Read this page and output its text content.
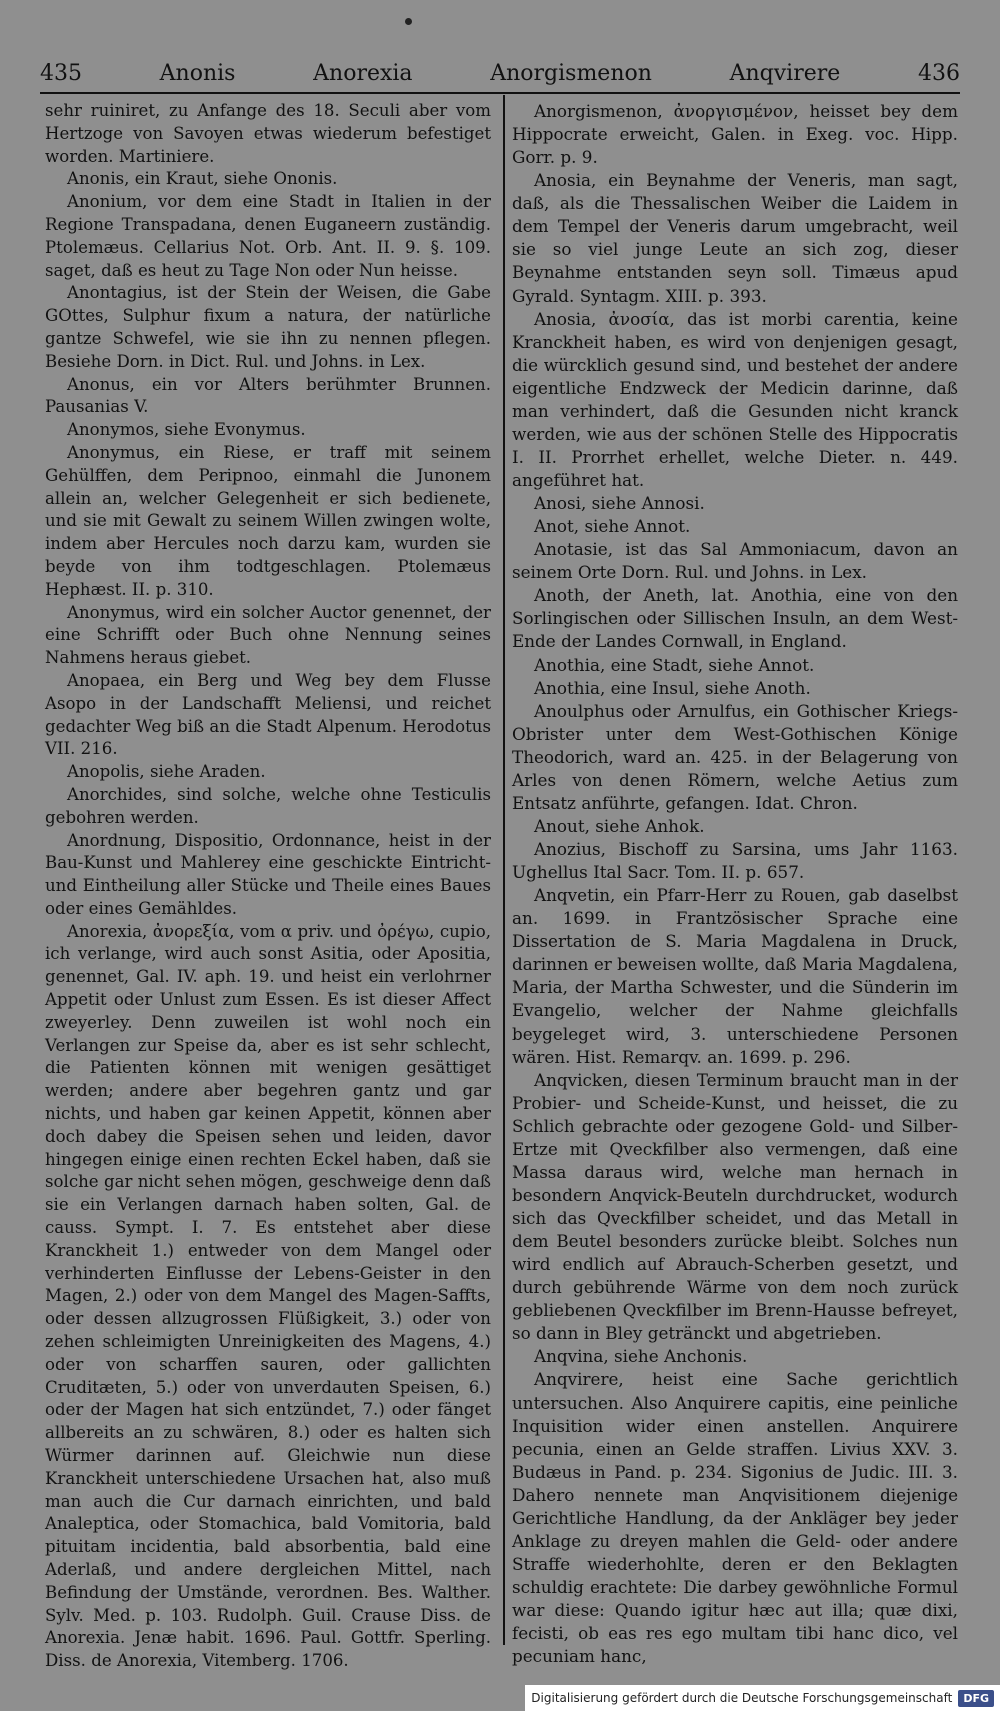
435	Anonis	Anorexia	Anorgismenon	Anqvirere	436

sehr ruiniret, zu Anfange des 18. Seculi aber vom Hertzoge von Savoyen etwas wiederum befestiget worden. Martiniere.

Anonis, ein Kraut, siehe Ononis.

Anonium, vor dem eine Stadt in Italien in der Regione Transpadana, denen Euganeern zuständig. Ptolemæus. Cellarius Not. Orb. Ant. II. 9. §. 109. saget, daß es heut zu Tage Non oder Nun heisse.

Anontagius, ist der Stein der Weisen, die Gabe GOttes, Sulphur fixum a natura, der natürliche gantze Schwefel, wie sie ihn zu nennen pflegen. Besiehe Dorn. in Dict. Rul. und Johns. in Lex.

Anonus, ein vor Alters berühmter Brunnen. Pausanias V.

Anonymos, siehe Evonymus.

Anonymus, ein Riese, er traff mit seinem Gehülffen, dem Peripnoo, einmahl die Junonem allein an, welcher Gelegenheit er sich bedienete, und sie mit Gewalt zu seinem Willen zwingen wolte, indem aber Hercules noch darzu kam, wurden sie beyde von ihm todtgeschlagen. Ptolemæus Hephæst. II. p. 310.

Anonymus, wird ein solcher Auctor genennet, der eine Schrifft oder Buch ohne Nennung seines Nahmens heraus giebet.

Anopaea, ein Berg und Weg bey dem Flusse Asopo in der Landschafft Meliensi, und reichet gedachter Weg biß an die Stadt Alpenum. Herodotus VII. 216.

Anopolis, siehe Araden.

Anorchides, sind solche, welche ohne Testiculis gebohren werden.

Anordnung, Dispositio, Ordonnance, heist in der Bau-Kunst und Mahlerey eine geschickte Eintricht- und Eintheilung aller Stücke und Theile eines Baues oder eines Gemähldes.

Anorexia, ἀνορεξία, vom α priv. und ὀρέγω, cupio, ich verlange, wird auch sonst Asitia, oder Apositia, genennet, Gal. IV. aph. 19. und heist ein verlohrner Appetit oder Unlust zum Essen. Es ist dieser Affect zweyerley. Denn zuweilen ist wohl noch ein Verlangen zur Speise da, aber es ist sehr schlecht, die Patienten können mit wenigen gesättiget werden; andere aber begehren gantz und gar nichts, und haben gar keinen Appetit, können aber doch dabey die Speisen sehen und leiden, davor hingegen einige einen rechten Eckel haben, daß sie solche gar nicht sehen mögen, geschweige denn daß sie ein Verlangen darnach haben solten, Gal. de causs. Sympt. I. 7. Es entstehet aber diese Kranckheit 1.) entweder von dem Mangel oder verhinderten Einflusse der Lebens-Geister in den Magen, 2.) oder von dem Mangel des Magen-Saffts, oder dessen allzugrossen Flüßigkeit, 3.) oder von zehen schleimigten Unreinigkeiten des Magens, 4.) oder von scharffen sauren, oder gallichten Cruditæten, 5.) oder von unverdauten Speisen, 6.) oder der Magen hat sich entzündet, 7.) oder fänget allbereits an zu schwären, 8.) oder es halten sich Würmer darinnen auf. Gleichwie nun diese Kranckheit unterschiedene Ursachen hat, also muß man auch die Cur darnach einrichten, und bald Analeptica, oder Stomachica, bald Vomitoria, bald pituitam incidentia, bald absorbentia, bald eine Aderlaß, und andere dergleichen Mittel, nach Befindung der Umstände, verordnen. Bes. Walther. Sylv. Med. p. 103. Rudolph. Guil. Crause Diss. de Anorexia. Jenæ habit. 1696. Paul. Gottfr. Sperling. Diss. de Anorexia, Vitemberg. 1706.

Anorgismenon, ἀνοργισμένον, heisset bey dem Hippocrate erweicht, Galen. in Exeg. voc. Hipp. Gorr. p. 9.

Anosia, ein Beynahme der Veneris, man sagt, daß, als die Thessalischen Weiber die Laidem in dem Tempel der Veneris darum umgebracht, weil sie so viel junge Leute an sich zog, dieser Beynahme entstanden seyn soll. Timæus apud Gyrald. Syntagm. XIII. p. 393.

Anosia, ἀνοσία, das ist morbi carentia, keine Kranckheit haben, es wird von denjenigen gesagt, die würcklich gesund sind, und bestehet der andere eigentliche Endzweck der Medicin darinne, daß man verhindert, daß die Gesunden nicht kranck werden, wie aus der schönen Stelle des Hippocratis I. II. Prorrhet erhellet, welche Dieter. n. 449. angeführet hat.

Anosi, siehe Annosi.

Anot, siehe Annot.

Anotasie, ist das Sal Ammoniacum, davon an seinem Orte Dorn. Rul. und Johns. in Lex.

Anoth, der Aneth, lat. Anothia, eine von den Sorlingischen oder Sillischen Insuln, an dem West-Ende der Landes Cornwall, in England.

Anothia, eine Stadt, siehe Annot.

Anothia, eine Insul, siehe Anoth.

Anoulphus oder Arnulfus, ein Gothischer Kriegs-Obrister unter dem West-Gothischen Könige Theodorich, ward an. 425. in der Belagerung von Arles von denen Römern, welche Aetius zum Entsatz anführte, gefangen. Idat. Chron.

Anout, siehe Anhok.

Anozius, Bischoff zu Sarsina, ums Jahr 1163. Ughellus Ital Sacr. Tom. II. p. 657.

Anqvetin, ein Pfarr-Herr zu Rouen, gab daselbst an. 1699. in Frantzösischer Sprache eine Dissertation de S. Maria Magdalena in Druck, darinnen er beweisen wollte, daß Maria Magdalena, Maria, der Martha Schwester, und die Sünderin im Evangelio, welcher der Nahme gleichfalls beygeleget wird, 3. unterschiedene Personen wären. Hist. Remarqv. an. 1699. p. 296.

Anqvicken, diesen Terminum braucht man in der Probier- und Scheide-Kunst, und heisset, die zu Schlich gebrachte oder gezogene Gold- und Silber-Ertze mit Qveckfilber also vermengen, daß eine Massa daraus wird, welche man hernach in besondern Anqvick-Beuteln durchdrucket, wodurch sich das Qveckfilber scheidet, und das Metall in dem Beutel besonders zurücke bleibt. Solches nun wird endlich auf Abrauch-Scherben gesetzt, und durch gebührende Wärme von dem noch zurück gebliebenen Qveckfilber im Brenn-Hausse befreyet, so dann in Bley getränckt und abgetrieben.

Anqvina, siehe Anchonis.

Anqvirere, heist eine Sache gerichtlich untersuchen. Also Anquirere capitis, eine peinliche Inquisition wider einen anstellen. Anquirere pecunia, einen an Gelde straffen. Livius XXV. 3. Budæus in Pand. p. 234. Sigonius de Judic. III. 3. Dahero nennete man Anqvisitionem diejenige Gerichtliche Handlung, da der Ankläger bey jeder Anklage zu dreyen mahlen die Geld- oder andere Straffe wiederhohlte, deren er den Beklagten schuldig erachtete: Die darbey gewöhnliche Formul war diese: Quando igitur hæc aut illa; quæ dixi, fecisti, ob eas res ego multam tibi hanc dico, vel pecuniam hanc,

Digitalisierung gefördert durch die Deutsche Forschungsgemeinschaft	DFG
